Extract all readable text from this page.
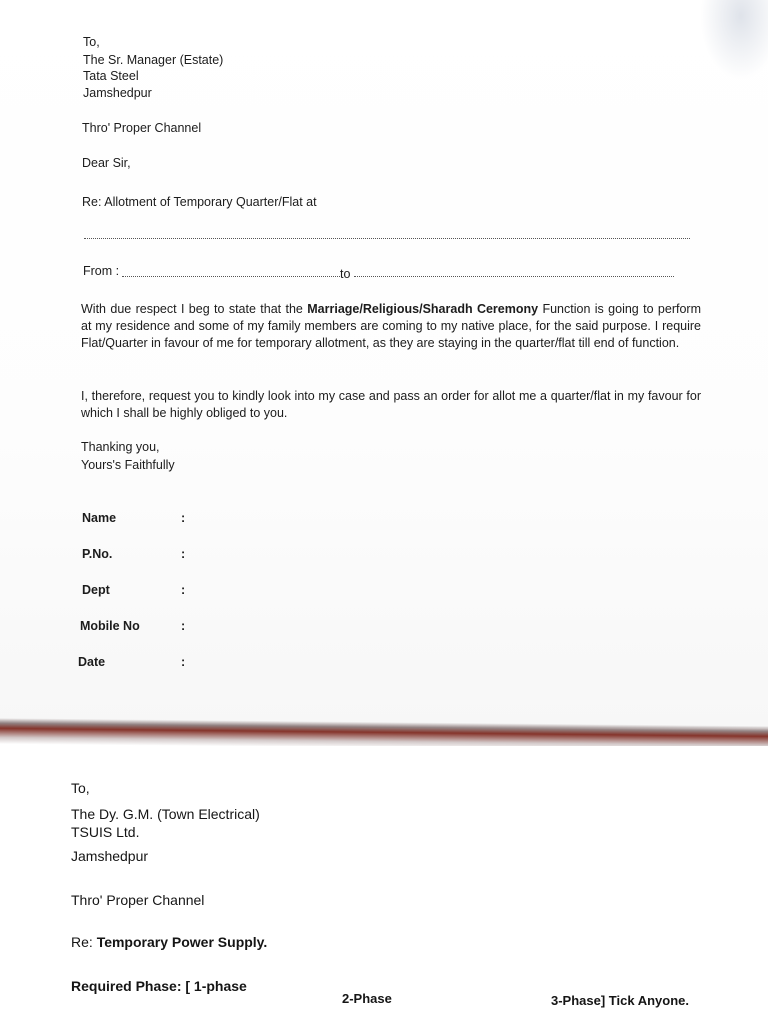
To,
The Sr. Manager (Estate)
Tata Steel
Jamshedpur
Thro' Proper Channel
Dear Sir,
Re: Allotment of Temporary Quarter/Flat at
From :	to
With due respect I beg to state that the Marriage/Religious/Sharadh Ceremony Function is going to perform at my residence and some of my family members are coming to my native place, for the said purpose. I require Flat/Quarter in favour of me for temporary allotment, as they are staying in the quarter/flat till end of function.
I, therefore, request you to kindly look into my case and pass an order for allot me a quarter/flat in my favour for which I shall be highly obliged to you.
Thanking you,
Yours's Faithfully
Name	:
P.No.	:
Dept	:
Mobile No	:
Date	:
To,
The Dy. G.M. (Town Electrical)
TSUIS Ltd.
Jamshedpur
Thro' Proper Channel
Re: Temporary Power Supply.
Required Phase: [ 1-phase
2-Phase	3-Phase] Tick Anyone.
